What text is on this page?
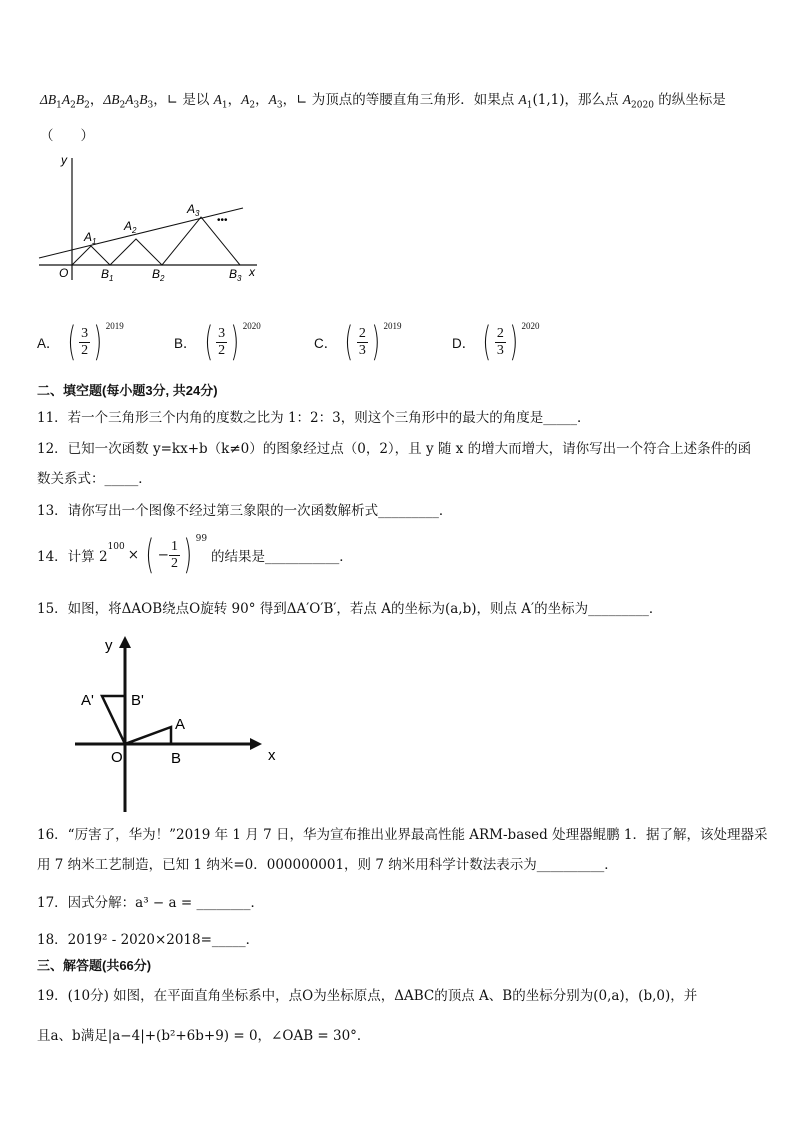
$\Delta B_1A_2B_2$，$\Delta B_2A_3B_3$，∟ 是以 $A_1$，$A_2$，$A_3$，∟ 为顶点的等腰直角三角形．如果点 $A_1(1,1)$，那么点 $A_{2020}$ 的纵坐标是
（　　）
y
x
O
$A_1$
$A_2$
$A_3$
$B_1$	$B_2$	$B_3$
•••
A． ( $\frac{3}{2}$ ) 2019
B． ( $\frac{3}{2}$ ) 2020
C． ( $\frac{2}{3}$ ) 2019
D． ( $\frac{2}{3}$ ) 2020
二、填空题(每小题3分, 共24分)
11．若一个三角形三个内角的度数之比为 1：2：3，则这个三角形中的最大的角度是_____．
12．已知一次函数 y=kx+b（k≠0）的图象经过点（0，2），且 y 随 x 的增大而增大，请你写出一个符合上述条件的函
数关系式：_____．
13．请你写出一个图像不经过第三象限的一次函数解析式_________．
14．计算 2
$^{100}$ × ( − $\frac{1}{2}$ ) $^{99}$
的结果是___________．
15．如图，将ΔAOB绕点O旋转 90° 得到ΔA′O′B′，若点 A的坐标为(a,b)，则点 A′的坐标为_________．
y
x
O
A
B
A' B'
16．“厉害了，华为！”2019 年 1 月 7 日，华为宣布推出业界最高性能 ARM-based 处理器鲲鹏 1．据了解，该处理器采
用 7 纳米工艺制造，已知 1 纳米=0．000000001，则 7 纳米用科学计数法表示为__________．
17．因式分解：a³ − a = ________．
18．2019² - 2020×2018=_____．
三、解答题(共66分)
19．(10分) 如图，在平面直角坐标系中，点O为坐标原点，ΔABC的顶点 A、B的坐标分别为(0,a)，(b,0)，并
且a、b满足|a−4|+(b²+6b+9) = 0，∠OAB = 30°．
